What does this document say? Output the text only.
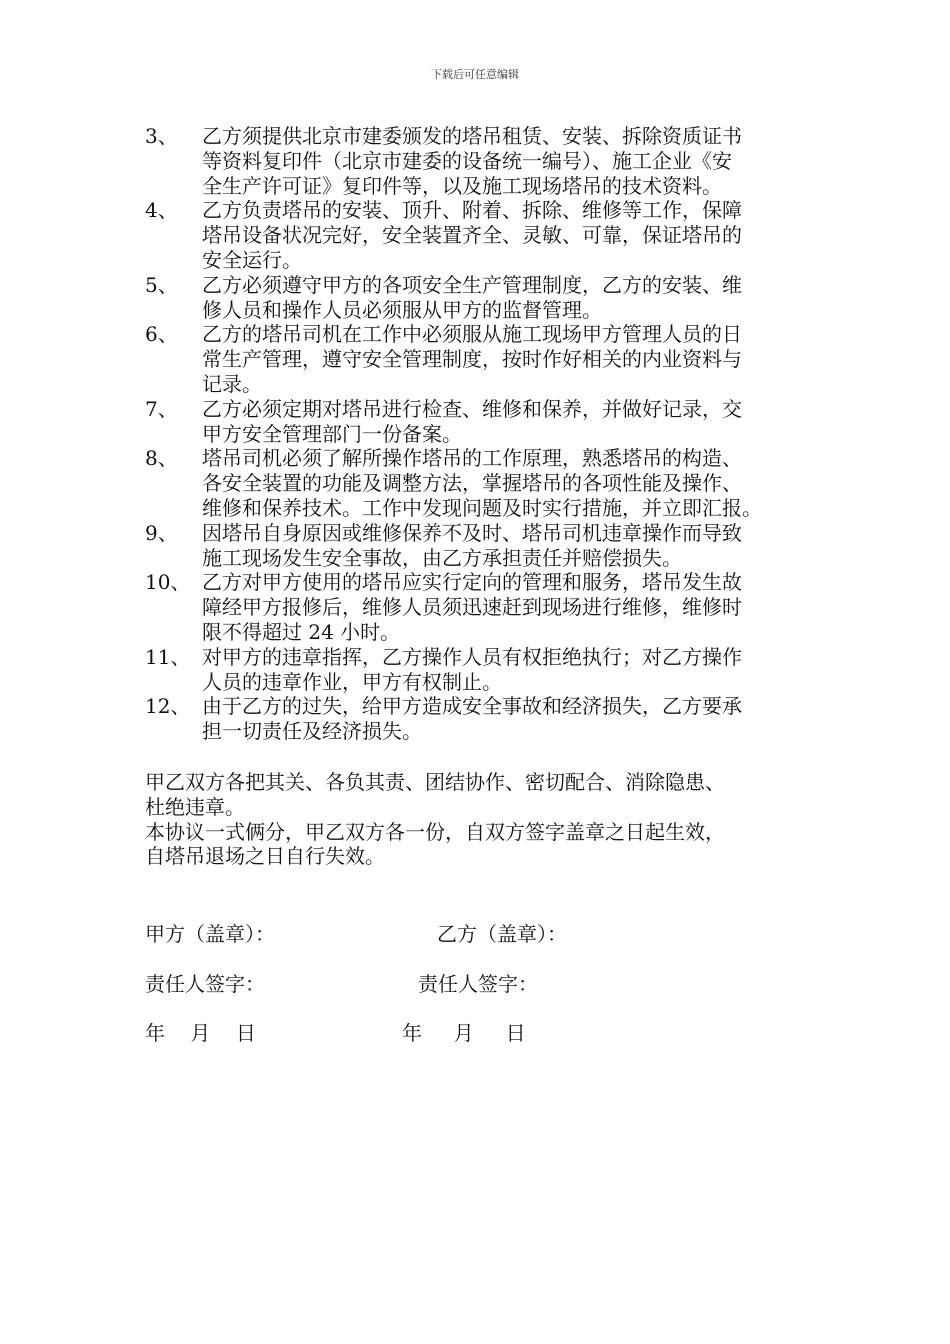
下载后可任意编辑
3、	乙方须提供北京市建委颁发的塔吊租赁、安装、拆除资质证书
等资料复印件（北京市建委的设备统一编号）、施工企业《安
全生产许可证》复印件等，以及施工现场塔吊的技术资料。
4、	乙方负责塔吊的安装、顶升、附着、拆除、维修等工作，保障
塔吊设备状况完好，安全装置齐全、灵敏、可靠，保证塔吊的
安全运行。
5、	乙方必须遵守甲方的各项安全生产管理制度，乙方的安装、维
修人员和操作人员必须服从甲方的监督管理。
6、	乙方的塔吊司机在工作中必须服从施工现场甲方管理人员的日
常生产管理，遵守安全管理制度，按时作好相关的内业资料与
记录。
7、	乙方必须定期对塔吊进行检查、维修和保养，并做好记录，交
甲方安全管理部门一份备案。
8、	塔吊司机必须了解所操作塔吊的工作原理，熟悉塔吊的构造、
各安全装置的功能及调整方法，掌握塔吊的各项性能及操作、
维修和保养技术。工作中发现问题及时实行措施，并立即汇报。
9、	因塔吊自身原因或维修保养不及时、塔吊司机违章操作而导致
施工现场发生安全事故，由乙方承担责任并赔偿损失。
10、 乙方对甲方使用的塔吊应实行定向的管理和服务，塔吊发生故
障经甲方报修后，维修人员须迅速赶到现场进行维修，维修时
限不得超过 24 小时。
11、 对甲方的违章指挥，乙方操作人员有权拒绝执行；对乙方操作
人员的违章作业，甲方有权制止。
12、 由于乙方的过失，给甲方造成安全事故和经济损失，乙方要承
担一切责任及经济损失。

甲乙双方各把其关、各负其责、团结协作、密切配合、消除隐患、
杜绝违章。
本协议一式俩分，甲乙双方各一份，自双方签字盖章之日起生效，
自塔吊退场之日自行失效。

甲方（盖章）：	乙方（盖章）：
责任人签字：	责任人签字：
年    月    日	年     月     日
